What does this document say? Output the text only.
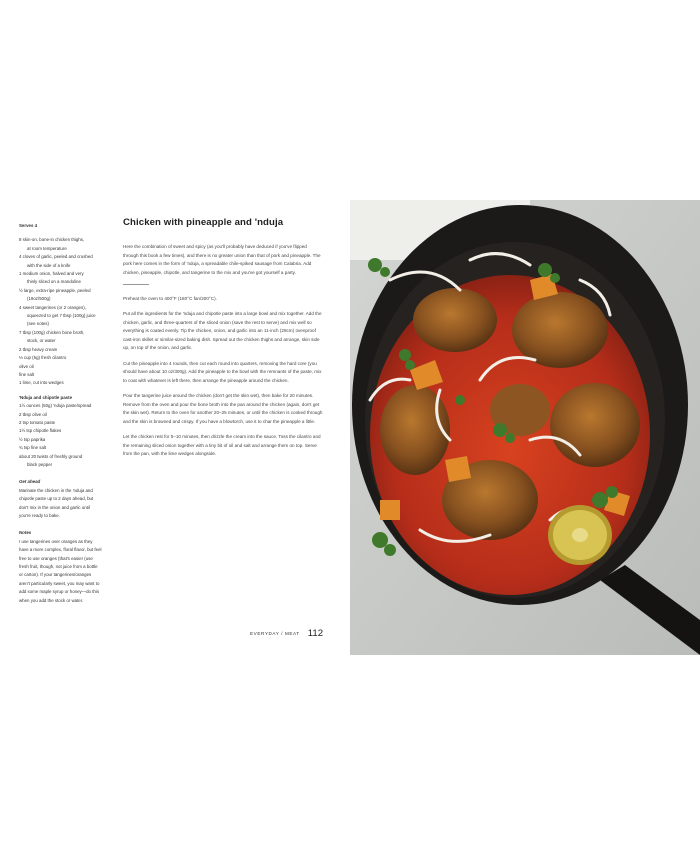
Serves 4
8 skin-on, bone-in chicken thighs,
at room temperature
4 cloves of garlic, peeled and crushed
with the side of a knife
1 medium onion, halved and very
thinly sliced on a mandoline
½ large, extra-ripe pineapple, peeled
(19oz/500g)
4 sweet tangerines (or 2 oranges),
squeezed to get 7 tbsp (100g) juice
(see notes)
7 tbsp (100g) chicken bone broth,
stock, or water
2 tbsp heavy cream
⅓ cup (5g) fresh cilantro
olive oil
fine salt
1 lime, cut into wedges
'Nduja and chipotle paste
1½ ounces (50g) 'nduja paste/spread
2 tbsp olive oil
2 tsp tomato paste
1½ tsp chipotle flakes
½ tsp paprika
¾ tsp fine salt
about 20 twists of freshly ground
black pepper
Get ahead
Marinate the chicken in the 'nduja and
chipotle paste up to 2 days ahead, but
don't mix in the onion and garlic until
you're ready to bake.
Notes
I use tangerines over oranges as they
have a more complex, floral flavor, but feel
free to use oranges (that's easier (use
fresh fruit, though, not juice from a bottle
or carton). If your tangerines/oranges
aren't particularly sweet, you may want to
add some maple syrup or honey—do this
when you add the stock or water.
Chicken with pineapple and 'nduja

Here the combination of sweet and spicy (as you'll probably have deduced if you've flipped through this book a few times), and there is no greater union than that of pork and pineapple. The pork here comes in the form of 'nduja, a spreadable chile-spiked sausage from Calabria. Add chicken, pineapple, chipotle, and tangerine to the mix and you've got yourself a party.

Preheat the oven to 400°F (180°C fan/200°C).

Put all the ingredients for the 'nduja and chipotle paste into a large bowl and mix together. Add the chicken, garlic, and three-quarters of the sliced onion (save the rest to serve) and mix well so everything is coated evenly. Tip the chicken, onion, and garlic into an 11-inch (28cm) ovenproof cast-iron skillet or similar-sized baking dish. Spread out the chicken thighs and arrange, skin side up, on top of the onion, and garlic.

Cut the pineapple into 4 rounds, then cut each round into quarters, removing the hard core (you should have about 10 oz/300g). Add the pineapple to the bowl with the remnants of the paste, mix to coat with whatever is left there, then arrange the pineapple around the chicken.

Pour the tangerine juice around the chicken (don't get the skin wet), then bake for 20 minutes. Remove from the oven and pour the bone broth into the pan around the chicken (again, don't get the skin wet). Return to the oven for another 20–25 minutes, or until the chicken is cooked through and the skin is browned and crispy. If you have a blowtorch, use it to char the pineapple a little.

Let the chicken rest for 5–10 minutes, then drizzle the cream into the sauce. Toss the cilantro and the remaining sliced onion together with a tiny bit of oil and salt and arrange them on top. Serve from the pan, with the lime wedges alongside.

EVERYDAY / MEAT 112
